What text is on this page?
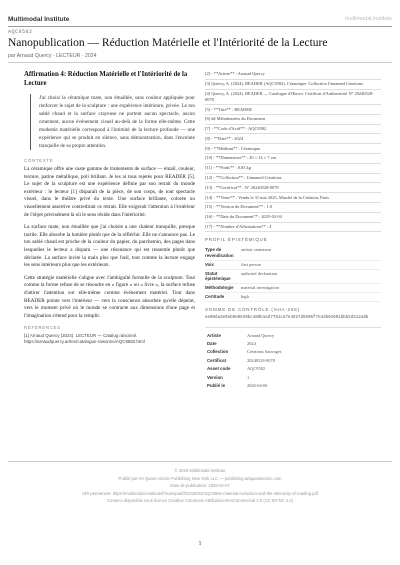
Multimodal Institute	multimodal.institute
AQC9582
Nanopublication — Réduction Matérielle et l'Intériorité de la Lecture
par Arnaud Quercy · LECTEUR · 2024
Affirmation 4: Réduction Matérielle et l'Intériorité de la Lecture

J'ai choisi la céramique mate, non émaillée, sans couleur appliquée pour renforcer le sujet de la sculpture : une expérience intérieure, privée. Le ton sablé chaud et la surface crayeuse ne portent aucun spectacle, aucun ornement, aucun événement visuel au-delà de la forme elle-même. Cette modestie matérielle correspond à l'intimité de la lecture profonde — une expérience qui se produit en silence, sans démonstration, dans l'enceinte tranquille de sa propre attention.

CONTEXTE

La céramique offre une vaste gamme de traitements de surface — émail, couleur, texture, patine métallique, poli brillant. Je les ai tous rejetés pour READER [5]. Le sujet de la sculpture est une expérience définie par son retrait du monde extérieur : le lecteur [1] disparaît de la pièce, de son corps, de tout spectacle visuel, dans le théâtre privé du texte. Une surface brillante, colorée ou visuellement assertive contredirait ce retrait. Elle exigerait l'attention à l'extérieur de l'objet précisément là où le sens réside dans l'intériorité.

La surface mate, non émaillée que j'ai choisie a une chaleur tranquille, presque tactile. Elle absorbe la lumière plutôt que de la réfléchir. Elle ne s'annonce pas. Le ton sablé chaud est proche de la couleur du papier, du parchemin, des pages dans lesquelles le lecteur a disparu — une résonance qui est ressentie plutôt que déclarée. La surface invite la main plus que l'œil, tout comme la lecture engage les sens intérieurs plus que les extérieurs.

Cette stratégie matérielle s'aligne avec l'ambiguïté formelle de la sculpture. Tout comme la forme refuse de se résoudre en « figure » ou « livre », la surface refuse d'attirer l'attention sur elle-même comme événement matériel. Tout dans READER pointe vers l'intérieur — vers la conscience absorbée qu'elle dépeint, vers le moment privé où le monde se contracte aux dimensions d'une page et l'imagination s'étend pour la remplir.

RÉFÉRENCES
[1] Arnaud Quercy (2024). LECTEUR — Catalog raisonné. https://arnaudquercy.art/en/catalogue-raisonne/AQC9582.html
[2] - **Artiste** : Arnaud Quercy
[3] Quercy, A. (2024). READER (AQC9582). Céramique. Collection Unnamed Creations.
[4] Quercy, A. (2024). READER — Catalogue d'Œuvre. Certificat d'Authenticité N° 20240528-0078.
[5] - **Titre** : READER
[6] ## Métadonnées du Document
[7] - **Code d'Actif** : AQC9582
[8] - **Date** : 2024
[9] - **Medium** : Céramique
[10] - **Dimensions** : 20 × 14 × 7 cm
[11] - **Poids** : 0,83 kg
[12] - **Collection** : Unnamed Creations
[13] - **Certificat** : N° 20240528-0078
[14] - **Vente** : Vendu le 31 mai 2025, Marché de la Création, Paris
[15] - **Version du Document** : 1.0
[16] - **Date du Document** : 2025-02-04
[17] - **Nombre d'Affirmations** : 4
PROFIL ÉPISTÉMIQUE
Type de revendication	artistic statement
Voix	first person
Statut épistémique	authorial declaration
Méthodologie	material investigation
Certitude	high
SOMME DE CONTRÔLE (SHA-256)
ee09da3e9eb9e0539bc489b1ed7761ca7e4527d5505f7e43b91601bb52d412a8b
Artiste	Arnaud Quercy
Date	2024
Collection	Créations Sauvages
Certificat	20240528-0078
Asset code	AQC9582
Version	1
Publié le	2026-04-06
© 2026 Multimodal Institute
Publié par Art Quant Atomic Publishing New York LLC — publishing.artquantatomic.com
Date de publication: 2026-04-07
URI permanent: https://multimodal.institute/fr/nanopub/fr/2026/03/AQC9582-material-reduction-and-the-interiority-of-reading.pdf
Contenu disponible sous licence Creative Commons Attribution-NonCommercial 4.0 (CC BY-NC 4.0)
1
